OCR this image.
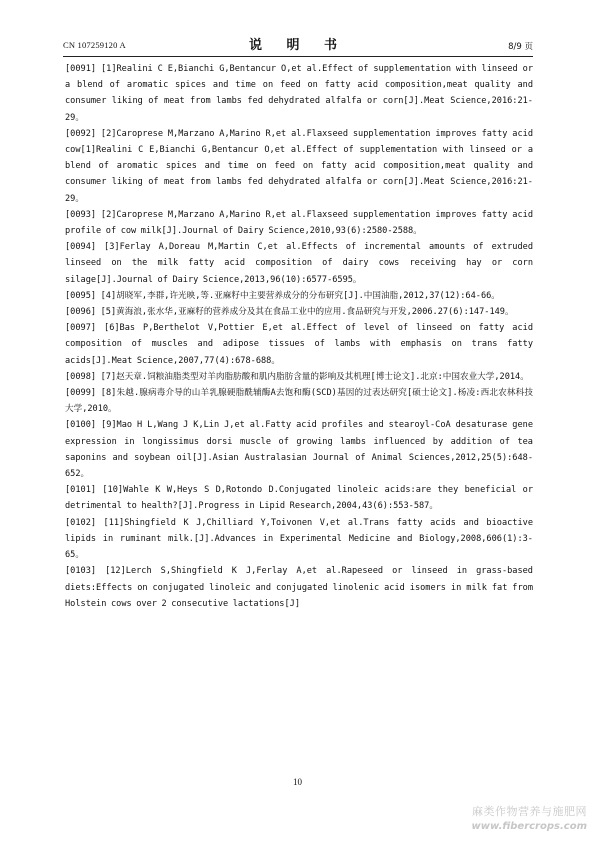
CN 107259120 A	说 明 书	8/9 页

[0091] [1]Realini C E,Bianchi G,Bentancur O,et al.Effect of supplementation with linseed or a blend of aromatic spices and time on feed on fatty acid composition,meat quality and consumer liking of meat from lambs fed dehydrated alfalfa or corn[J].Meat Science,2016:21-29。

[0092] [2]Caroprese M,Marzano A,Marino R,et al.Flaxseed supplementation improves fatty acid cow[1]Realini C E,Bianchi G,Bentancur O,et al.Effect of supplementation with linseed or a blend of aromatic spices and time on feed on fatty acid composition,meat quality and consumer liking of meat from lambs fed dehydrated alfalfa or corn[J].Meat Science,2016:21-29。

[0093] [2]Caroprese M,Marzano A,Marino R,et al.Flaxseed supplementation improves fatty acid profile of cow milk[J].Journal of Dairy Science,2010,93(6):2580-2588。

[0094] [3]Ferlay A,Doreau M,Martin C,et al.Effects of incremental amounts of extruded linseed on the milk fatty acid composition of dairy cows receiving hay or corn silage[J].Journal of Dairy Science,2013,96(10):6577-6595。

[0095] [4]胡晓军,李群,许光映,等.亚麻籽中主要营养成分的分布研究[J].中国油脂,2012,37(12):64-66。

[0096] [5]黄海浪,张水华,亚麻籽的营养成分及其在食品工业中的应用.食品研究与开发,2006.27(6):147-149。

[0097] [6]Bas P,Berthelot V,Pottier E,et al.Effect of level of linseed on fatty acid composition of muscles and adipose tissues of lambs with emphasis on trans fatty acids[J].Meat Science,2007,77(4):678-688。

[0098] [7]赵天章.饲粮油脂类型对羊肉脂肪酸和肌内脂肪含量的影响及其机理[博士论文].北京:中国农业大学,2014。

[0099] [8]朱越.腺病毒介导的山羊乳腺硬脂酰辅酶A去饱和酶(SCD)基因的过表达研究[硕士论文].杨凌:西北农林科技大学,2010。

[0100] [9]Mao H L,Wang J K,Lin J,et al.Fatty acid profiles and stearoyl-CoA desaturase gene expression in longissimus dorsi muscle of growing lambs influenced by addition of tea saponins and soybean oil[J].Asian Australasian Journal of Animal Sciences,2012,25(5):648-652。

[0101] [10]Wahle K W,Heys S D,Rotondo D.Conjugated linoleic acids:are they beneficial or detrimental to health?[J].Progress in Lipid Research,2004,43(6):553-587。

[0102] [11]Shingfield K J,Chilliard Y,Toivonen V,et al.Trans fatty acids and bioactive lipids in ruminant milk.[J].Advances in Experimental Medicine and Biology,2008,606(1):3-65。

[0103] [12]Lerch S,Shingfield K J,Ferlay A,et al.Rapeseed or linseed in grass-based diets:Effects on conjugated linoleic and conjugated linolenic acid isomers in milk fat from Holstein cows over 2 consecutive lactations[J]

10
麻类作物营养与施肥网
www.fibercrops.com
